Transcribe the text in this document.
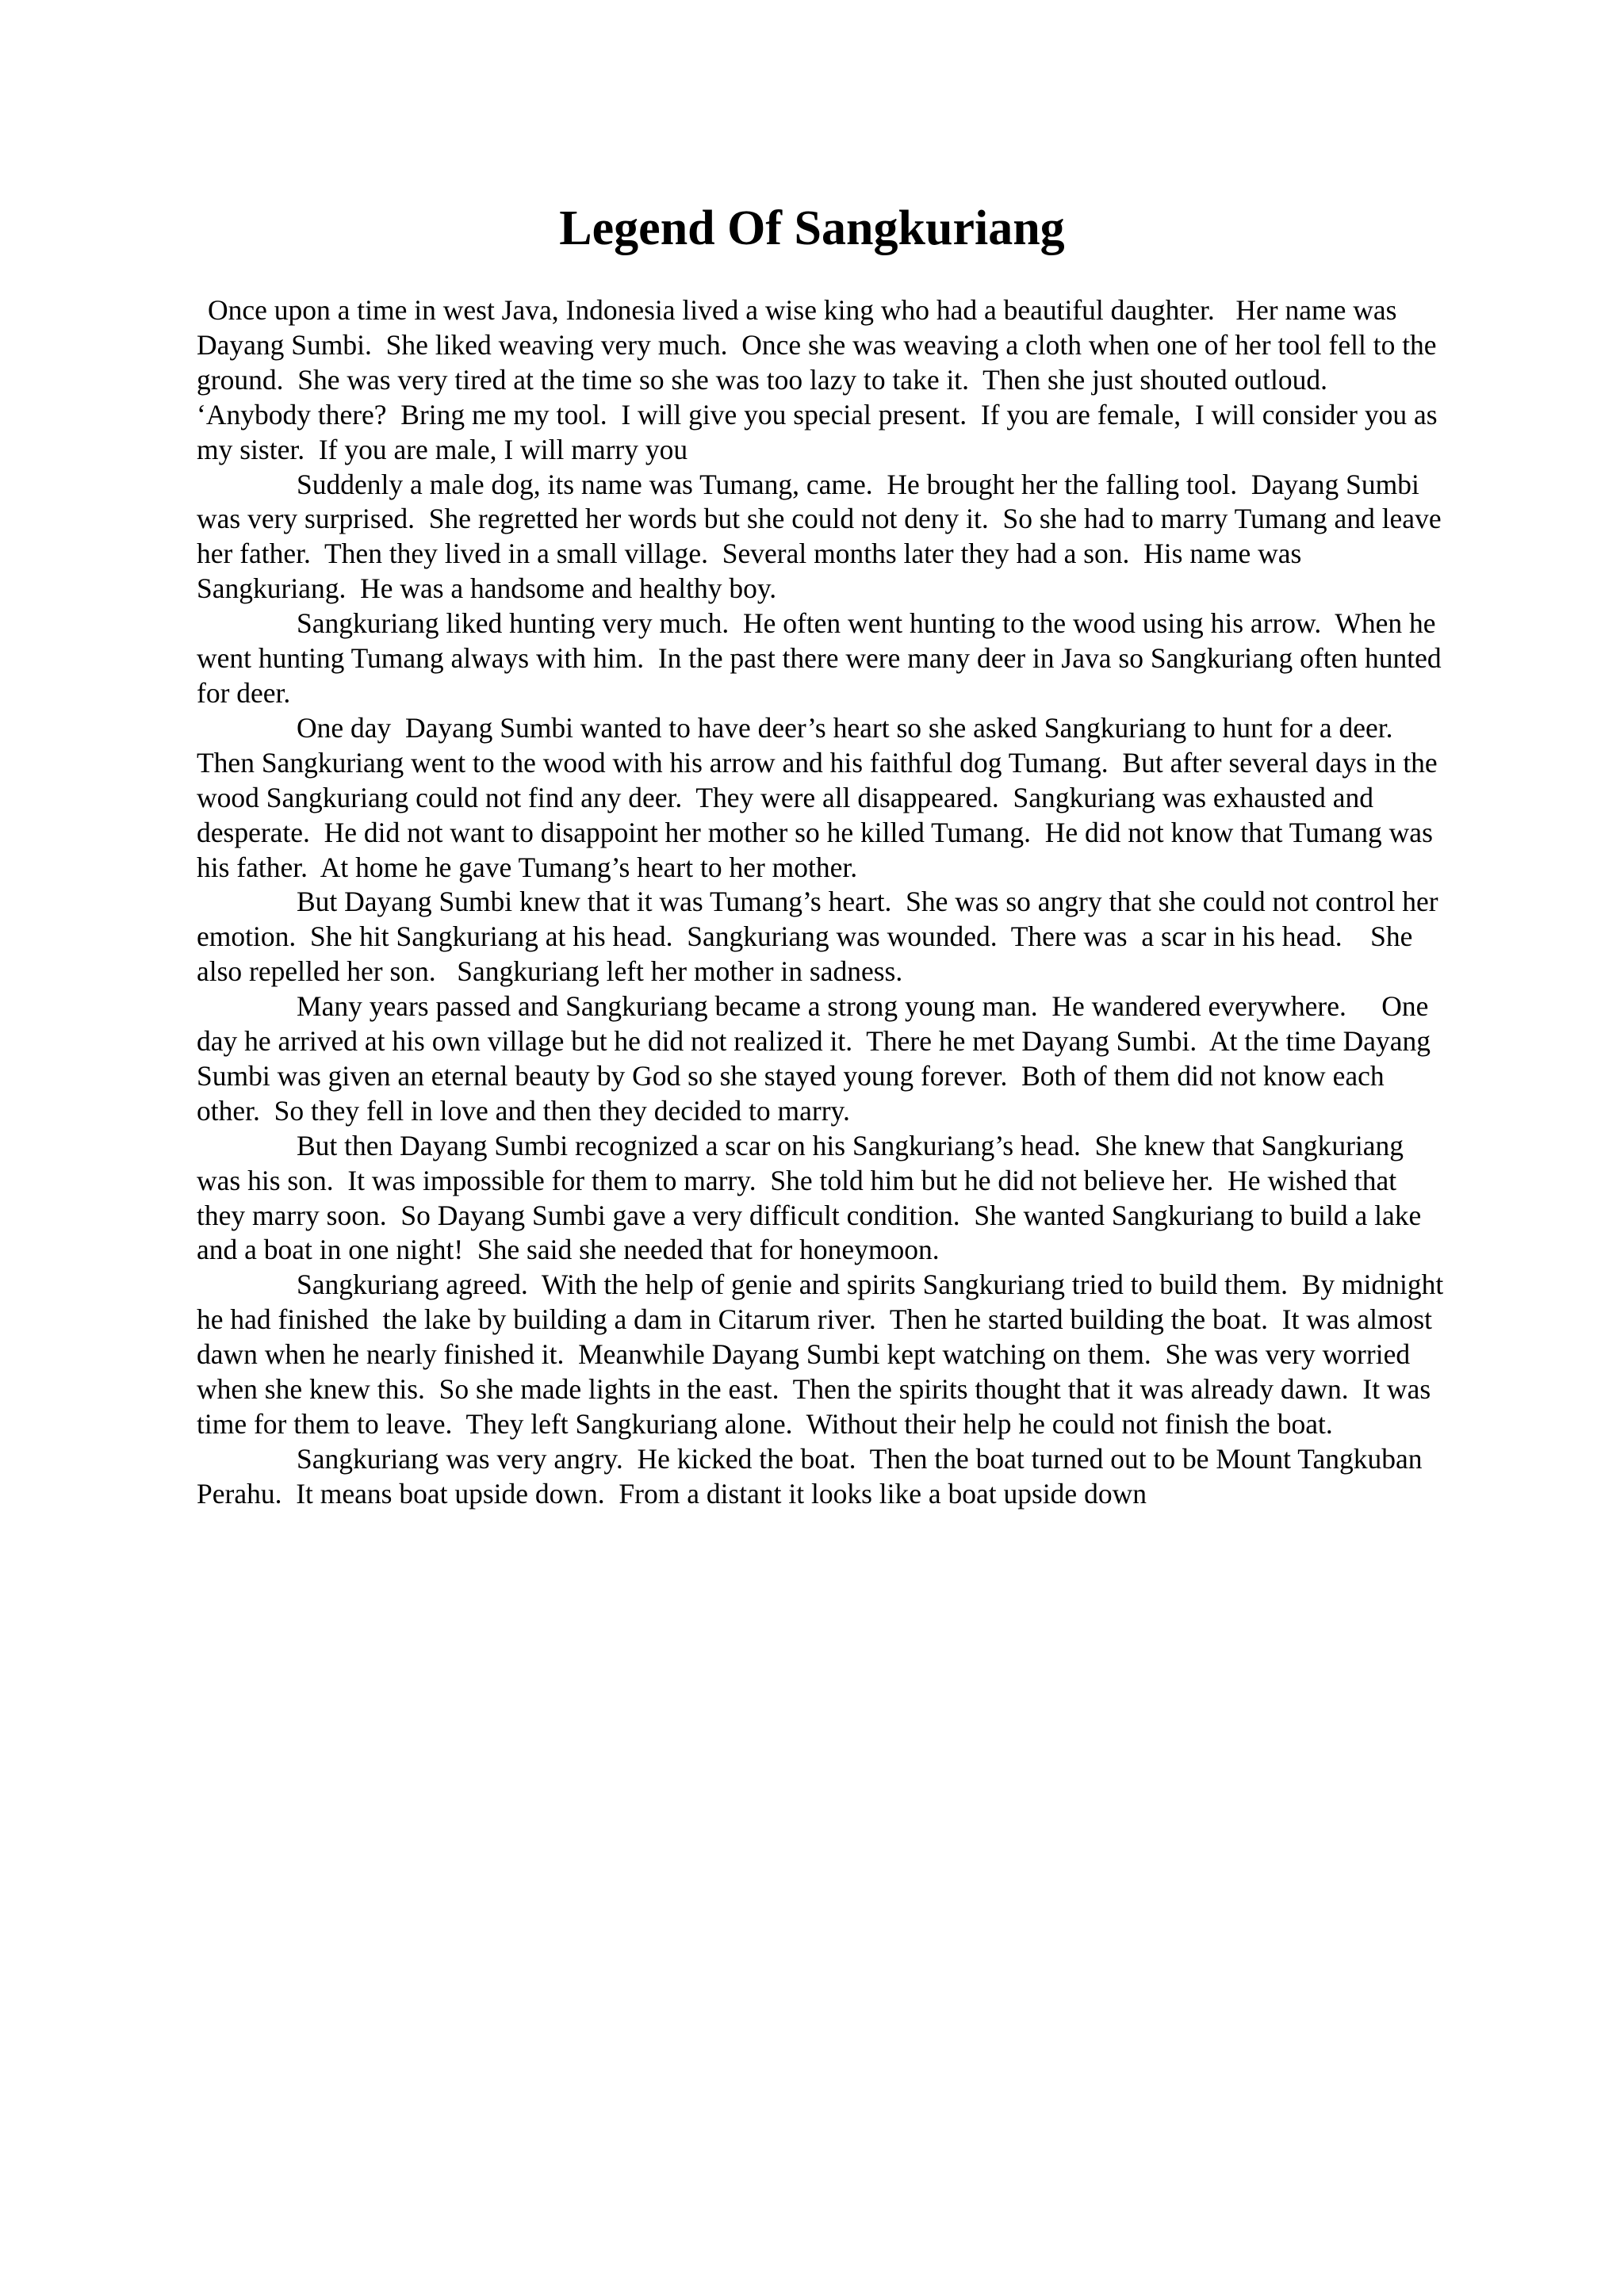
Legend Of Sangkuriang

Once upon a time in west Java, Indonesia lived a wise king who had a beautiful daughter.   Her name was Dayang Sumbi.  She liked weaving very much.  Once she was weaving a cloth when one of her tool fell to the ground.  She was very tired at the time so she was too lazy to take it.  Then she just shouted outloud.

‘Anybody there?  Bring me my tool.  I will give you special present.  If you are female,  I will consider you as my sister.  If you are male, I will marry you

Suddenly a male dog, its name was Tumang, came.  He brought her the falling tool.  Dayang Sumbi was very surprised.  She regretted her words but she could not deny it.  So she had to marry Tumang and leave her father.  Then they lived in a small village.  Several months later they had a son.  His name was Sangkuriang.  He was a handsome and healthy boy.

Sangkuriang liked hunting very much.  He often went hunting to the wood using his arrow.  When he went hunting Tumang always with him.  In the past there were many deer in Java so Sangkuriang often hunted for deer.

One day  Dayang Sumbi wanted to have deer’s heart so she asked Sangkuriang to hunt for a deer.   Then Sangkuriang went to the wood with his arrow and his faithful dog Tumang.  But after several days in the wood Sangkuriang could not find any deer.  They were all disappeared.  Sangkuriang was exhausted and desperate.  He did not want to disappoint her mother so he killed Tumang.  He did not know that Tumang was his father.  At home he gave Tumang’s heart to her mother.

But Dayang Sumbi knew that it was Tumang’s heart.  She was so angry that she could not control her emotion.  She hit Sangkuriang at his head.  Sangkuriang was wounded.  There was  a scar in his head.    She also repelled her son.   Sangkuriang left her mother in sadness.

Many years passed and Sangkuriang became a strong young man.  He wandered everywhere.     One day he arrived at his own village but he did not realized it.  There he met Dayang Sumbi.  At the time Dayang Sumbi was given an eternal beauty by God so she stayed young forever.  Both of them did not know each other.  So they fell in love and then they decided to marry.

But then Dayang Sumbi recognized a scar on his Sangkuriang’s head.  She knew that Sangkuriang was his son.  It was impossible for them to marry.  She told him but he did not believe her.  He wished that they marry soon.  So Dayang Sumbi gave a very difficult condition.  She wanted Sangkuriang to build a lake and a boat in one night!  She said she needed that for honeymoon.

Sangkuriang agreed.  With the help of genie and spirits Sangkuriang tried to build them.  By midnight he had finished  the lake by building a dam in Citarum river.  Then he started building the boat.  It was almost dawn when he nearly finished it.  Meanwhile Dayang Sumbi kept watching on them.  She was very worried when she knew this.  So she made lights in the east.  Then the spirits thought that it was already dawn.  It was time for them to leave.  They left Sangkuriang alone.  Without their help he could not finish the boat.

Sangkuriang was very angry.  He kicked the boat.  Then the boat turned out to be Mount Tangkuban Perahu.  It means boat upside down.  From a distant it looks like a boat upside down
